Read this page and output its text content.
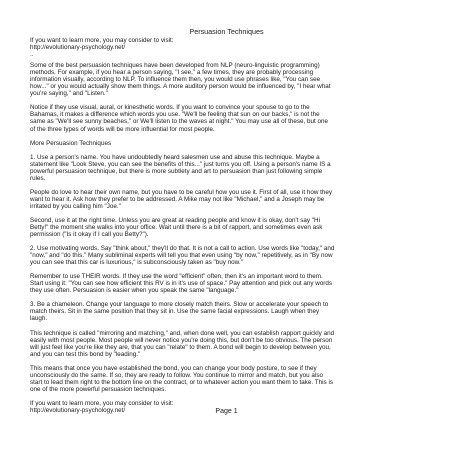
Persuasion Techniques
If you want to learn more, you may consider to visit:
http://evolutionary-psychology.net/
..
Some of the best persuasion techniques have been developed from NLP (neuro-linguistic programming)
methods. For example, if you hear a person saying, "I see," a few times, they are probably processing
information visually, according to NLP. To influence them then, you would use phrases like, "You can see
how..." or you would actually show them things. A more auditory person would be influenced by, "I hear what
you're saying," and "Listen."
Notice if they use visual, aural, or kinesthetic words. If you want to convince your spouse to go to the
Bahamas, it makes a difference which words you use. "We'll be feeling that sun on our backs," is not the
same as "We'll see sunny beaches," or We'll listen to the waves at night." You may use all of these, but one
of the three types of words will be more influential for most people.
More Persuasion Techniques
1. Use a person's name. You have undoubtedly heard salesmen use and abuse this technique. Maybe a
statement like "Look Steve, you can see the benefits of this..." just turns you off. Using a person's name IS a
powerful persuasion technique, but there is more subtlety and art to persuasion than just following simple
rules.
People do love to hear their own name, but you have to be careful how you use it. First of all, use it how they
want to hear it. Ask how they prefer to be addressed. A Mike may not like "Michael," and a Joseph may be
irritated by you calling him "Joe."
Second, use it at the right time. Unless you are great at reading people and know it is okay, don't say "Hi
Betty!" the moment she walks into your office. Wait until there is a bit of rapport, and sometimes even ask
permission ("Is it okay if I call you Betty?").
2. Use motivating words. Say "think about," they'll do that. It is not a call to action. Use words like "today," and
"now," and "do this." Many subliminal experts will tell you that even using "by now," repetitively, as in "By now
you can see that this car is luxurious," is subconsciously taken as "buy now."
Remember to use THEIR words. If they use the word "efficient" often, then it's an important word to them.
Start using it: "You can see how efficient this RV is in it's use of space." Pay attention and pick out any words
they use often. Persuasion is easier when you speak the same "language."
3. Be a chameleon. Change your language to more closely match theirs. Slow or accelerate your speech to
match theirs. Sit in the same position that they sit in. Use the same facial expressions. Laugh when they
laugh.
This technique is called "mirroring and matching," and, when done well, you can establish rapport quickly and
easily with most people. Most people will never notice you're doing this, but don't be too obvious. The person
will just feel like you're like they are, that you can "relate" to them. A bond will begin to develop between you,
and you can test this bond by "leading."
This means that once you have established the bond, you can change your body posture, to see if they
unconsciously do the same. If so, they are ready to follow. You continue to mirror and match, but you also
start to lead them right to the bottom line on the contract, or to whatever action you want them to take. This is
one of the more powerful persuasion techniques.
If you want to learn more, you may consider to visit:
http://evolutionary-psychology.net/	Page 1
